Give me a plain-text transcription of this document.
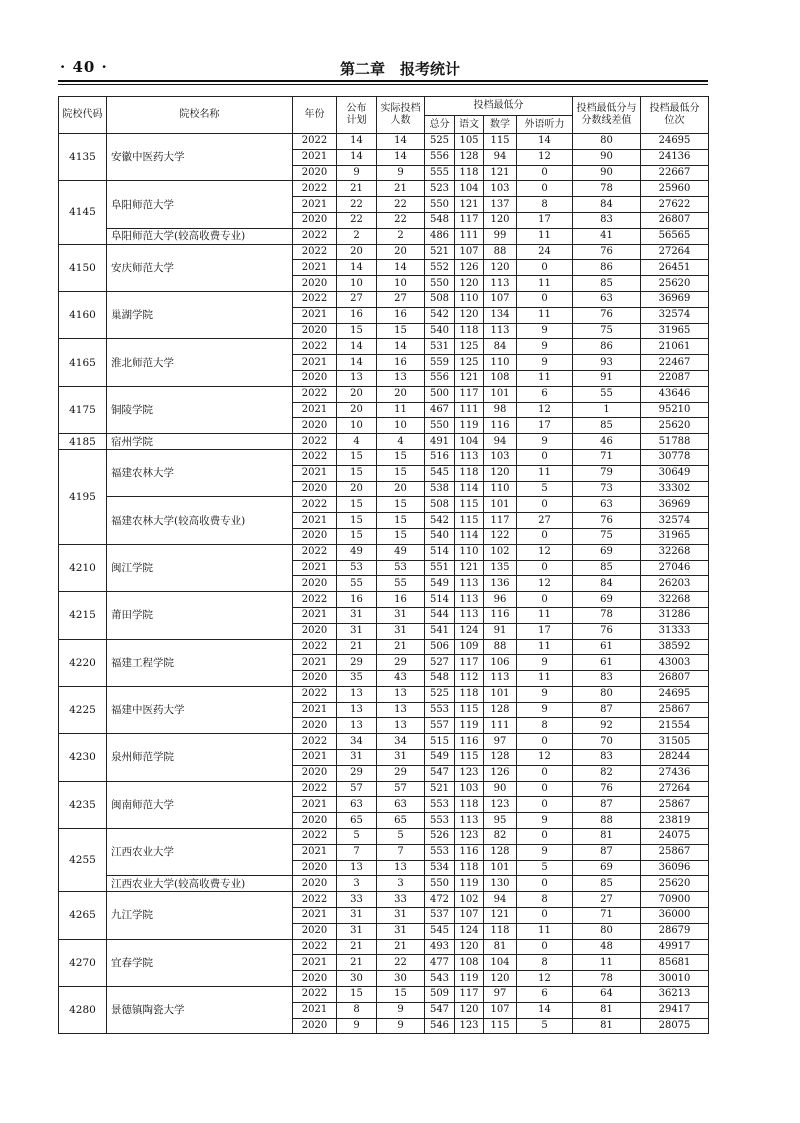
· 40 ·	第二章　报考统计
院校代码	院校名称	年份	公布计划	实际投档人数	投档最低分				投档最低分与分数线差值	投档最低分位次
					总分	语文	数学	外语听力		
4135	安徽中医药大学	2022	14	14	525	105	115	14	80	24695
		2021	14	14	556	128	94	12	90	24136
		2020	9	9	555	118	121	0	90	22667
4145	阜阳师范大学	2022	21	21	523	104	103	0	78	25960
		2021	22	22	550	121	137	8	84	27622
		2020	22	22	548	117	120	17	83	26807
	阜阳师范大学(较高收费专业)	2022	2	2	486	111	99	11	41	56565
4150	安庆师范大学	2022	20	20	521	107	88	24	76	27264
		2021	14	14	552	126	120	0	86	26451
		2020	10	10	550	120	113	11	85	25620
4160	巢湖学院	2022	27	27	508	110	107	0	63	36969
		2021	16	16	542	120	134	11	76	32574
		2020	15	15	540	118	113	9	75	31965
4165	淮北师范大学	2022	14	14	531	125	84	9	86	21061
		2021	14	16	559	125	110	9	93	22467
		2020	13	13	556	121	108	11	91	22087
4175	铜陵学院	2022	20	20	500	117	101	6	55	43646
		2021	20	11	467	111	98	12	1	95210
		2020	10	10	550	119	116	17	85	25620
4185	宿州学院	2022	4	4	491	104	94	9	46	51788
4195	福建农林大学	2022	15	15	516	113	103	0	71	30778
		2021	15	15	545	118	120	11	79	30649
		2020	20	20	538	114	110	5	73	33302
	福建农林大学(较高收费专业)	2022	15	15	508	115	101	0	63	36969
		2021	15	15	542	115	117	27	76	32574
		2020	15	15	540	114	122	0	75	31965
4210	闽江学院	2022	49	49	514	110	102	12	69	32268
		2021	53	53	551	121	135	0	85	27046
		2020	55	55	549	113	136	12	84	26203
4215	莆田学院	2022	16	16	514	113	96	0	69	32268
		2021	31	31	544	113	116	11	78	31286
		2020	31	31	541	124	91	17	76	31333
4220	福建工程学院	2022	21	21	506	109	88	11	61	38592
		2021	29	29	527	117	106	9	61	43003
		2020	35	43	548	112	113	11	83	26807
4225	福建中医药大学	2022	13	13	525	118	101	9	80	24695
		2021	13	13	553	115	128	9	87	25867
		2020	13	13	557	119	111	8	92	21554
4230	泉州师范学院	2022	34	34	515	116	97	0	70	31505
		2021	31	31	549	115	128	12	83	28244
		2020	29	29	547	123	126	0	82	27436
4235	闽南师范大学	2022	57	57	521	103	90	0	76	27264
		2021	63	63	553	118	123	0	87	25867
		2020	65	65	553	113	95	9	88	23819
4255	江西农业大学	2022	5	5	526	123	82	0	81	24075
		2021	7	7	553	116	128	9	87	25867
		2020	13	13	534	118	101	5	69	36096
	江西农业大学(较高收费专业)	2020	3	3	550	119	130	0	85	25620
4265	九江学院	2022	33	33	472	102	94	8	27	70900
		2021	31	31	537	107	121	0	71	36000
		2020	31	31	545	124	118	11	80	28679
4270	宜春学院	2022	21	21	493	120	81	0	48	49917
		2021	21	22	477	108	104	8	11	85681
		2020	30	30	543	119	120	12	78	30010
4280	景德镇陶瓷大学	2022	15	15	509	117	97	6	64	36213
		2021	8	9	547	120	107	14	81	29417
		2020	9	9	546	123	115	5	81	28075
